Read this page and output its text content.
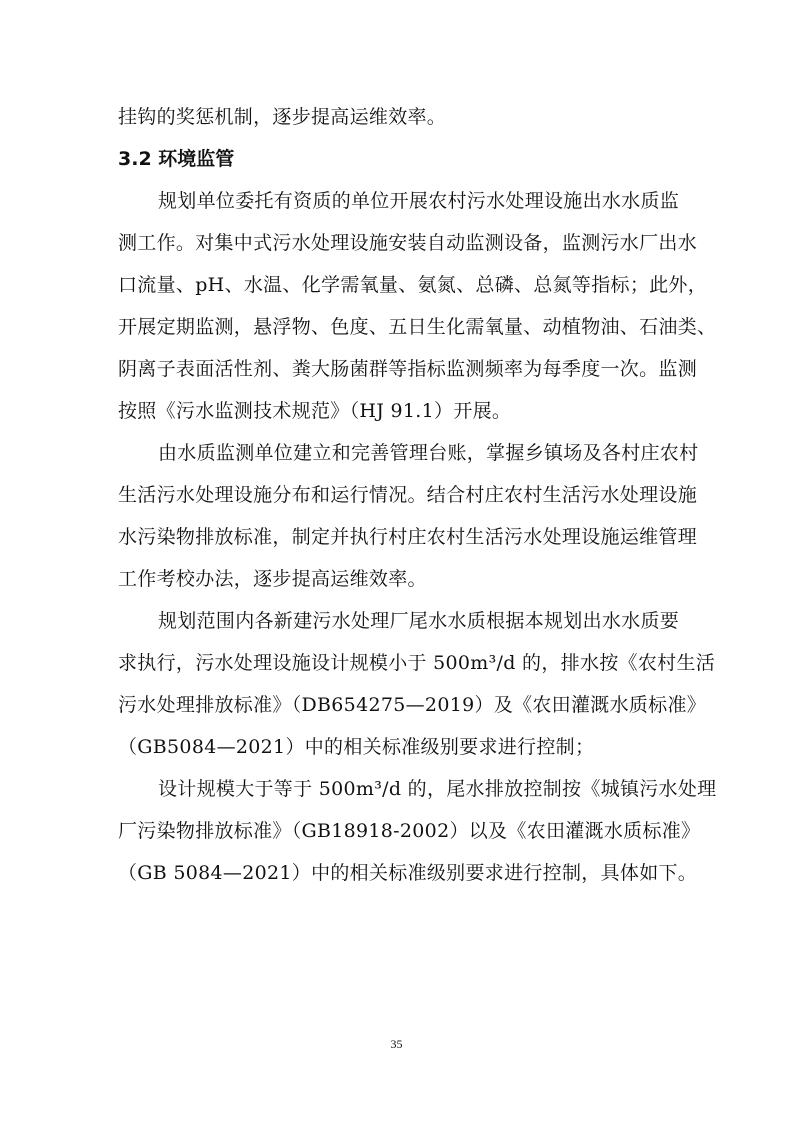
挂钩的奖惩机制，逐步提高运维效率。
3.2 环境监管
规划单位委托有资质的单位开展农村污水处理设施出水水质监
测工作。对集中式污水处理设施安装自动监测设备，监测污水厂出水
口流量、pH、水温、化学需氧量、氨氮、总磷、总氮等指标；此外，
开展定期监测，悬浮物、色度、五日生化需氧量、动植物油、石油类、
阴离子表面活性剂、粪大肠菌群等指标监测频率为每季度一次。监测
按照《污水监测技术规范》（HJ 91.1）开展。
由水质监测单位建立和完善管理台账，掌握乡镇场及各村庄农村
生活污水处理设施分布和运行情况。结合村庄农村生活污水处理设施
水污染物排放标准，制定并执行村庄农村生活污水处理设施运维管理
工作考校办法，逐步提高运维效率。
规划范围内各新建污水处理厂尾水水质根据本规划出水水质要
求执行，污水处理设施设计规模小于 500m³/d 的，排水按《农村生活
污水处理排放标准》（DB654275—2019）及《农田灌溉水质标准》
（GB5084—2021）中的相关标准级别要求进行控制；
设计规模大于等于 500m³/d 的，尾水排放控制按《城镇污水处理
厂污染物排放标准》（GB18918-2002）以及《农田灌溉水质标准》
（GB 5084—2021）中的相关标准级别要求进行控制，具体如下。
35
